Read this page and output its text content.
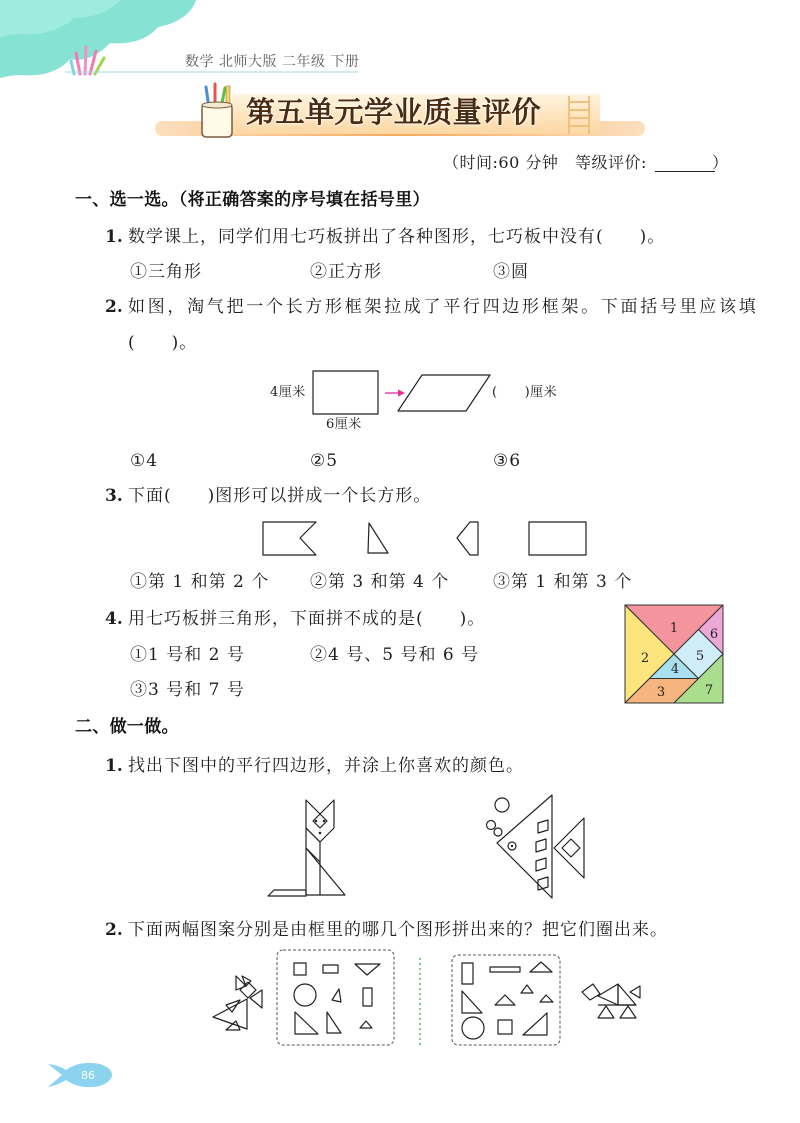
1
2
3
4
5
6
7
86
数学 北师大版 二年级 下册
第五单元学业质量评价
（时间:60 分钟 等级评价:	）
一、选一选。（将正确答案的序号填在括号里）
1. 数学课上，同学们用七巧板拼出了各种图形，七巧板中没有(　　)。
①三角形	②正方形	③圆
2. 如图，淘气把一个长方形框架拉成了平行四边形框架。下面括号里应该填
(　　)。
4厘米
6厘米
(　　)厘米
①4	②5	③6
3. 下面(　　)图形可以拼成一个长方形。
①第 1 和第 2 个 ②第 3 和第 4 个	③第 1 和第 3 个
4. 用七巧板拼三角形，下面拼不成的是(　　)。
①1 号和 2 号	②4 号、5 号和 6 号
③3 号和 7 号
二、做一做。
1. 找出下图中的平行四边形，并涂上你喜欢的颜色。
2. 下面两幅图案分别是由框里的哪几个图形拼出来的？把它们圈出来。
